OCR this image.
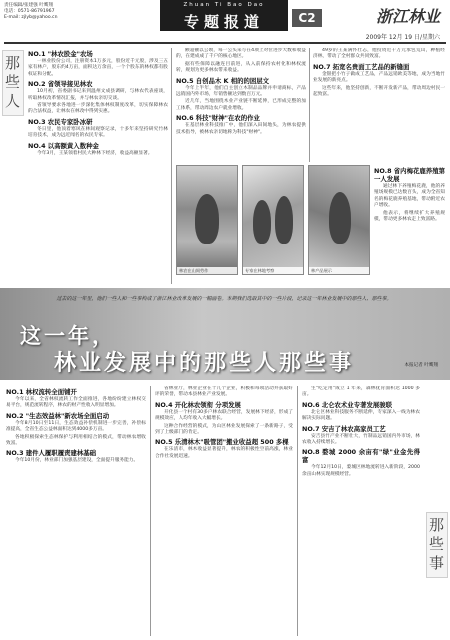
责任编辑/张建强 叶鹰翔
电话：0571-86791967
E-mail: zjlyb@yahoo.cn
Zhuan Ti Bao Dao
专题报道	C2	浙江林业
2009年 12月 19 日/星期六
那些人
那些事
NO.1 "林农股金"农场

一林业股份公司，注册资本1万多元，股份近千元股，涉及三五家有林户，股东约4万亩，面积达万余亩，一个个股东的林权都有股权证和分配。

NO.2 省领导接见林农

10月初，省委副书记来到温州文成县调研，与林农代表座谈，听取林权改革情况汇报，并与林农亲切交谈。

省领导要求各地进一步深化集体林权制度改革，切实保障林农的合法权益，让林农在林改中得到实惠。

NO.3 农民专家卧冰研

冬日里，他顶着寒风在林间观察记录，十多年来坚持研究竹林培育技术，成为远近闻名的农民专家。

NO.4 以高额黄入数种金

今年3月，王某领着村民大种林下经济，收益高额显著。

额超额以公顷，每一公头采写在4项上对位进步大数和收益的，在建成成了千户的核心地区。

据有些保障以融连目前进，从入前保持农村化和林权流转，规划为更多林农带来收益。

NO.5 自创品木 K 相的的困层文

今年上半年，他们自主创立木制品品牌并申请商标，产品远销国内外市场，年销售额达到数百万元。

近几年，当地围绕木业产业链不断延伸，已形成完整的加工体系，带动周边农户就业增收。

NO.6 科技"财神"在农的作业

在基层林业科技推广中，他们深入田间地头，为林农提供技术指导，被林农亲切地称为科技"财神"。

49岁的王某满怀壮志，他投资近千万元承包荒山，种植经济林，带动了全村群众共同致富。

NO.7 拓宽名贵面工艺品的新缝面

金银把小竹子做成工艺品，产品远销欧美等地，成为当地竹业发展的新亮点。

这些年来，他坚持创新，不断开发新产品，带动周边村民一起致富。

NO.8 省内梅花鹿养殖第一人发展

通过林下养殖梅花鹿，他的养殖场规模已达数百头，成为全省知名的梅花鹿养殖基地，带动附近农户增收。

他表示，将继续扩大养殖规模，带动更多林农走上致富路。

林农在山间劳作	专家在林地考察	林产品展示
过去的这一年里，他们一些人和一些事构成了浙江林业改革发展的一幅画卷。本期我们选取其中的一些片段，记录这一年林业发展中的那些人、那些事。
这一年，
林业发展中的那些人那些事	本报记者 叶鹰翔
NO.1 林权流转全面铺开

今年以来，全省林权流转工作全面推进，各地纷纷建立林权交易平台，规范流转程序，林农的财产性收入明显增加。

NO.2 "生态效益林"新农场全面启动

今年8月10日至11日，生态效益补偿机制进一步完善，补偿标准提高，全省生态公益林面积达到4000多万亩。

各地积极探索生态林保护与利用相结合的模式，带动林农增收致富。

NO.3 建件人履职履责建林基础

今年10月份，林业部门加强基层建设，全面提升服务能力。

省林业厅，林业企业在十几个企业，积极和每项活动并获取好评的荣誉，带动本县林业产业发展。

NO.4 开化林农领衔 分项发展

开化县一个村有30多户林农联合经营，发展林下经济，形成了规模效应，人均年收入大幅增长。

这种合作经营的模式，为山区林业发展探索了一条新路子，受到了上级部门的肯定。

NO.5 乐清林木"吸管团"搬业收益超 500 多棵

在乐清市，林木收益显著提升，林农的积极性空前高涨，林业合作社发展迅速。

生"吃定用"成立 1 年来，森林抚育面积达 1000 多亩。

NO.6 北仑农术业专著发展骏联

北仑区林业科技服务不断延伸，专家深入一线为林农解决实际问题。

NO.7 安吉了林农高家员工艺

安吉县竹产业不断壮大，竹制品远销国内外市场，林农收入持续增长。

NO.8 婺城 2000 余亩有"绿"业金先得富

今年12月10日，婺城区林地流转进入新阶段，2000余亩山林实现规模经营。
